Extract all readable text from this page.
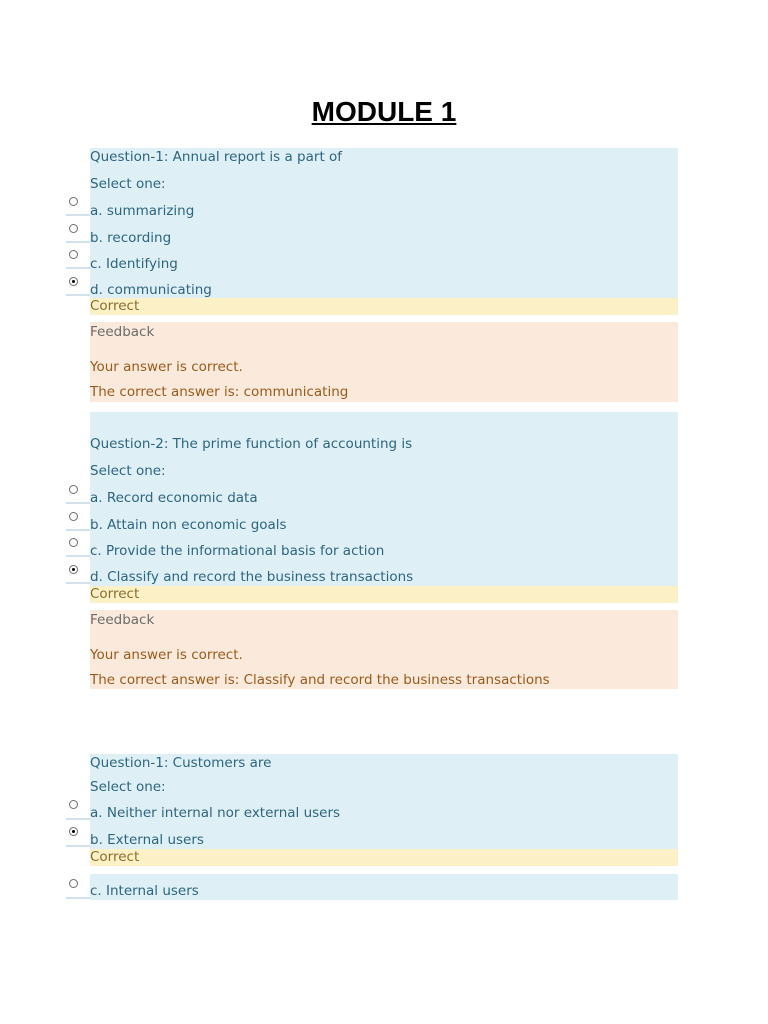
MODULE 1
Question-1: Annual report is a part of
Select one:
a. summarizing
b. recording
c. Identifying
d. communicating
Correct
Feedback
Your answer is correct.
The correct answer is: communicating
Question-2: The prime function of accounting is
Select one:
a. Record economic data
b. Attain non economic goals
c. Provide the informational basis for action
d. Classify and record the business transactions
Correct
Feedback
Your answer is correct.
The correct answer is: Classify and record the business transactions
Question-1: Customers are
Select one:
a. Neither internal nor external users
b. External users
Correct
c. Internal users
